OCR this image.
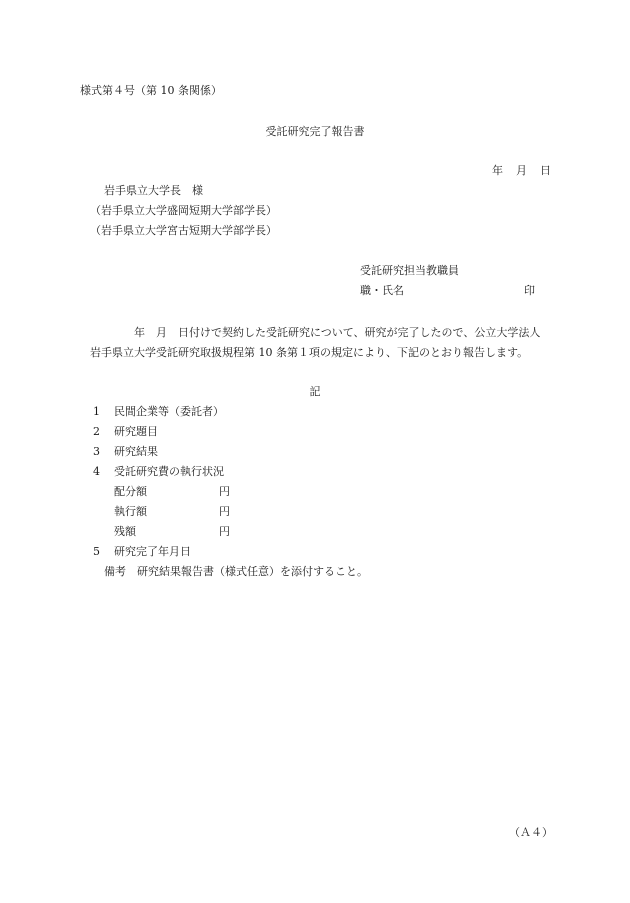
様式第４号（第 10 条関係）
受託研究完了報告書
年　月　日
岩手県立大学長　様
（岩手県立大学盛岡短期大学部学長）
（岩手県立大学宮古短期大学部学長）
受託研究担当教職員
職・氏名	印
　　　　年　月　日付けで契約した受託研究について、研究が完了したので、公立大学法人岩手県立大学受託研究取扱規程第 10 条第１項の規定により、下記のとおり報告します。
記
1 民間企業等（委託者）
2 研究題目
3 研究結果
4 受託研究費の執行状況
配分額	円
執行額	円
残額	円
5 研究完了年月日
備考　研究結果報告書（様式任意）を添付すること。
（Ａ４）
